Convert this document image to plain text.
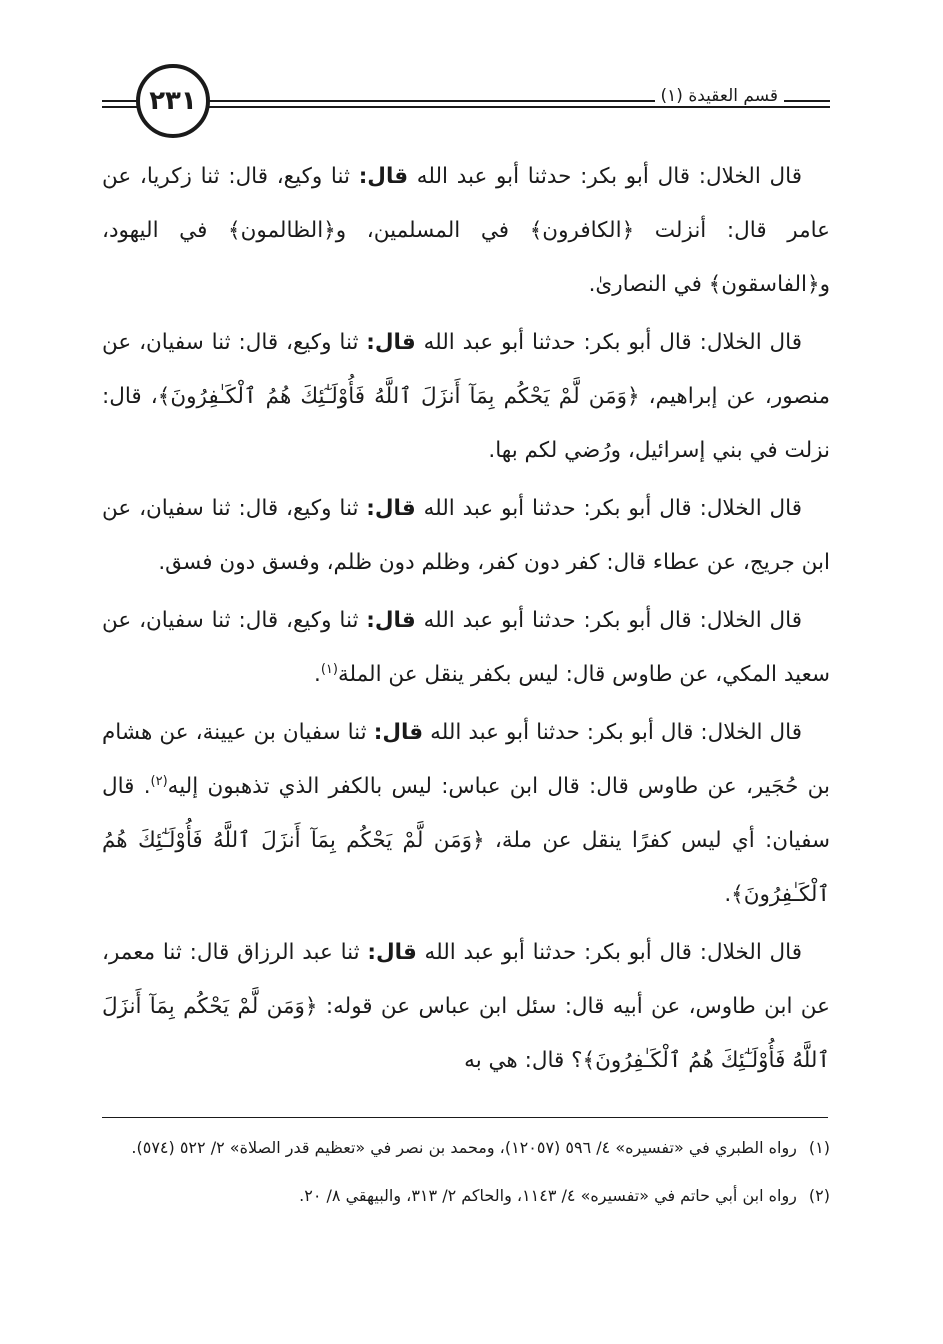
٢٣١	قسم العقيدة (١)

قال الخلال: قال أبو بكر: حدثنا أبو عبد الله قال: ثنا وكيع، قال: ثنا زكريا، عن عامر قال: أنزلت ﴿الكافرون﴾ في المسلمين، و﴿الظالمون﴾ في اليهود، و﴿الفاسقون﴾ في النصارىٰ.

قال الخلال: قال أبو بكر: حدثنا أبو عبد الله قال: ثنا وكيع، قال: ثنا سفيان، عن منصور، عن إبراهيم، ﴿وَمَن لَّمْ يَحْكُم بِمَآ أَنزَلَ ٱللَّهُ فَأُوْلَـٰٓئِكَ هُمُ ٱلْكَـٰفِرُونَ﴾، قال: نزلت في بني إسرائيل، ورُضي لكم بها.

قال الخلال: قال أبو بكر: حدثنا أبو عبد الله قال: ثنا وكيع، قال: ثنا سفيان، عن ابن جريج، عن عطاء قال: كفر دون كفر، وظلم دون ظلم، وفسق دون فسق.

قال الخلال: قال أبو بكر: حدثنا أبو عبد الله قال: ثنا وكيع، قال: ثنا سفيان، عن سعيد المكي، عن طاوس قال: ليس بكفر ينقل عن الملة$^{(١)}$.

قال الخلال: قال أبو بكر: حدثنا أبو عبد الله قال: ثنا سفيان بن عيينة، عن هشام بن حُجَير، عن طاوس قال: قال ابن عباس: ليس بالكفر الذي تذهبون إليه$^{(٢)}$. قال سفيان: أي ليس كفرًا ينقل عن ملة، ﴿وَمَن لَّمْ يَحْكُم بِمَآ أَنزَلَ ٱللَّهُ فَأُوْلَـٰٓئِكَ هُمُ ٱلْكَـٰفِرُونَ﴾.

قال الخلال: قال أبو بكر: حدثنا أبو عبد الله قال: ثنا عبد الرزاق قال: ثنا معمر، عن ابن طاوس، عن أبيه قال: سئل ابن عباس عن قوله: ﴿وَمَن لَّمْ يَحْكُم بِمَآ أَنزَلَ ٱللَّهُ فَأُوْلَـٰٓئِكَ هُمُ ٱلْكَـٰفِرُونَ﴾؟ قال: هي به

(١)رواه الطبري في «تفسيره» ٤/ ٥٩٦ (١٢٠٥٧)، ومحمد بن نصر في «تعظيم قدر الصلاة» ٢/ ٥٢٢ (٥٧٤).

(٢)رواه ابن أبي حاتم في «تفسيره» ٤/ ١١٤٣، والحاكم ٢/ ٣١٣، والبيهقي ٨/ ٢٠.
